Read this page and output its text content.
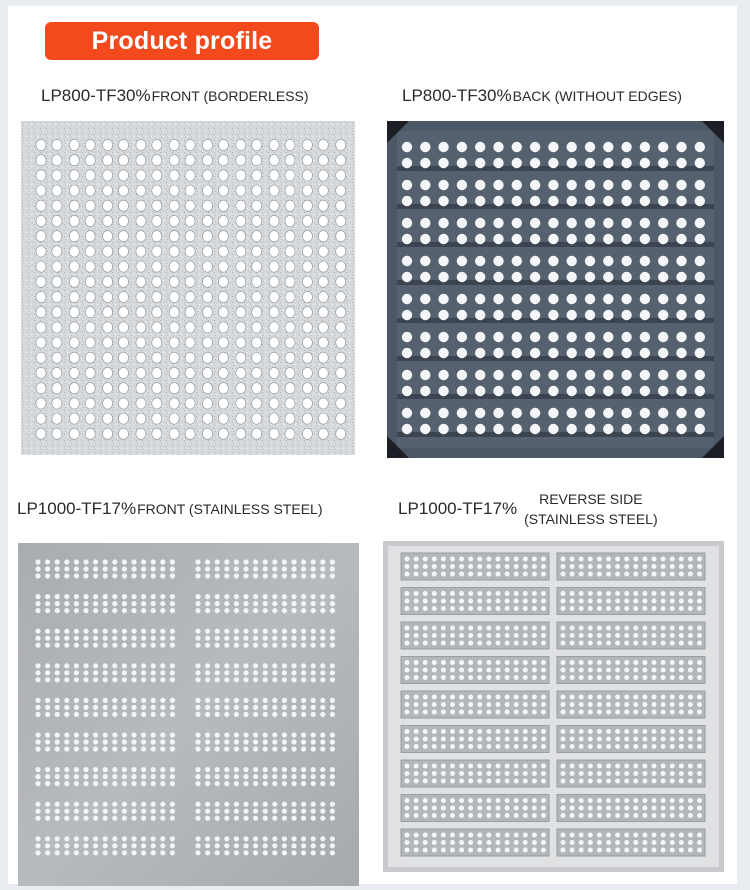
Product profile
LP800-TF30% FRONT (BORDERLESS)	LP800-TF30% BACK (WITHOUT EDGES)
LP1000-TF17% FRONT (STAINLESS STEEL)	LP1000-TF17%	REVERSE SIDE
(STAINLESS STEEL)
